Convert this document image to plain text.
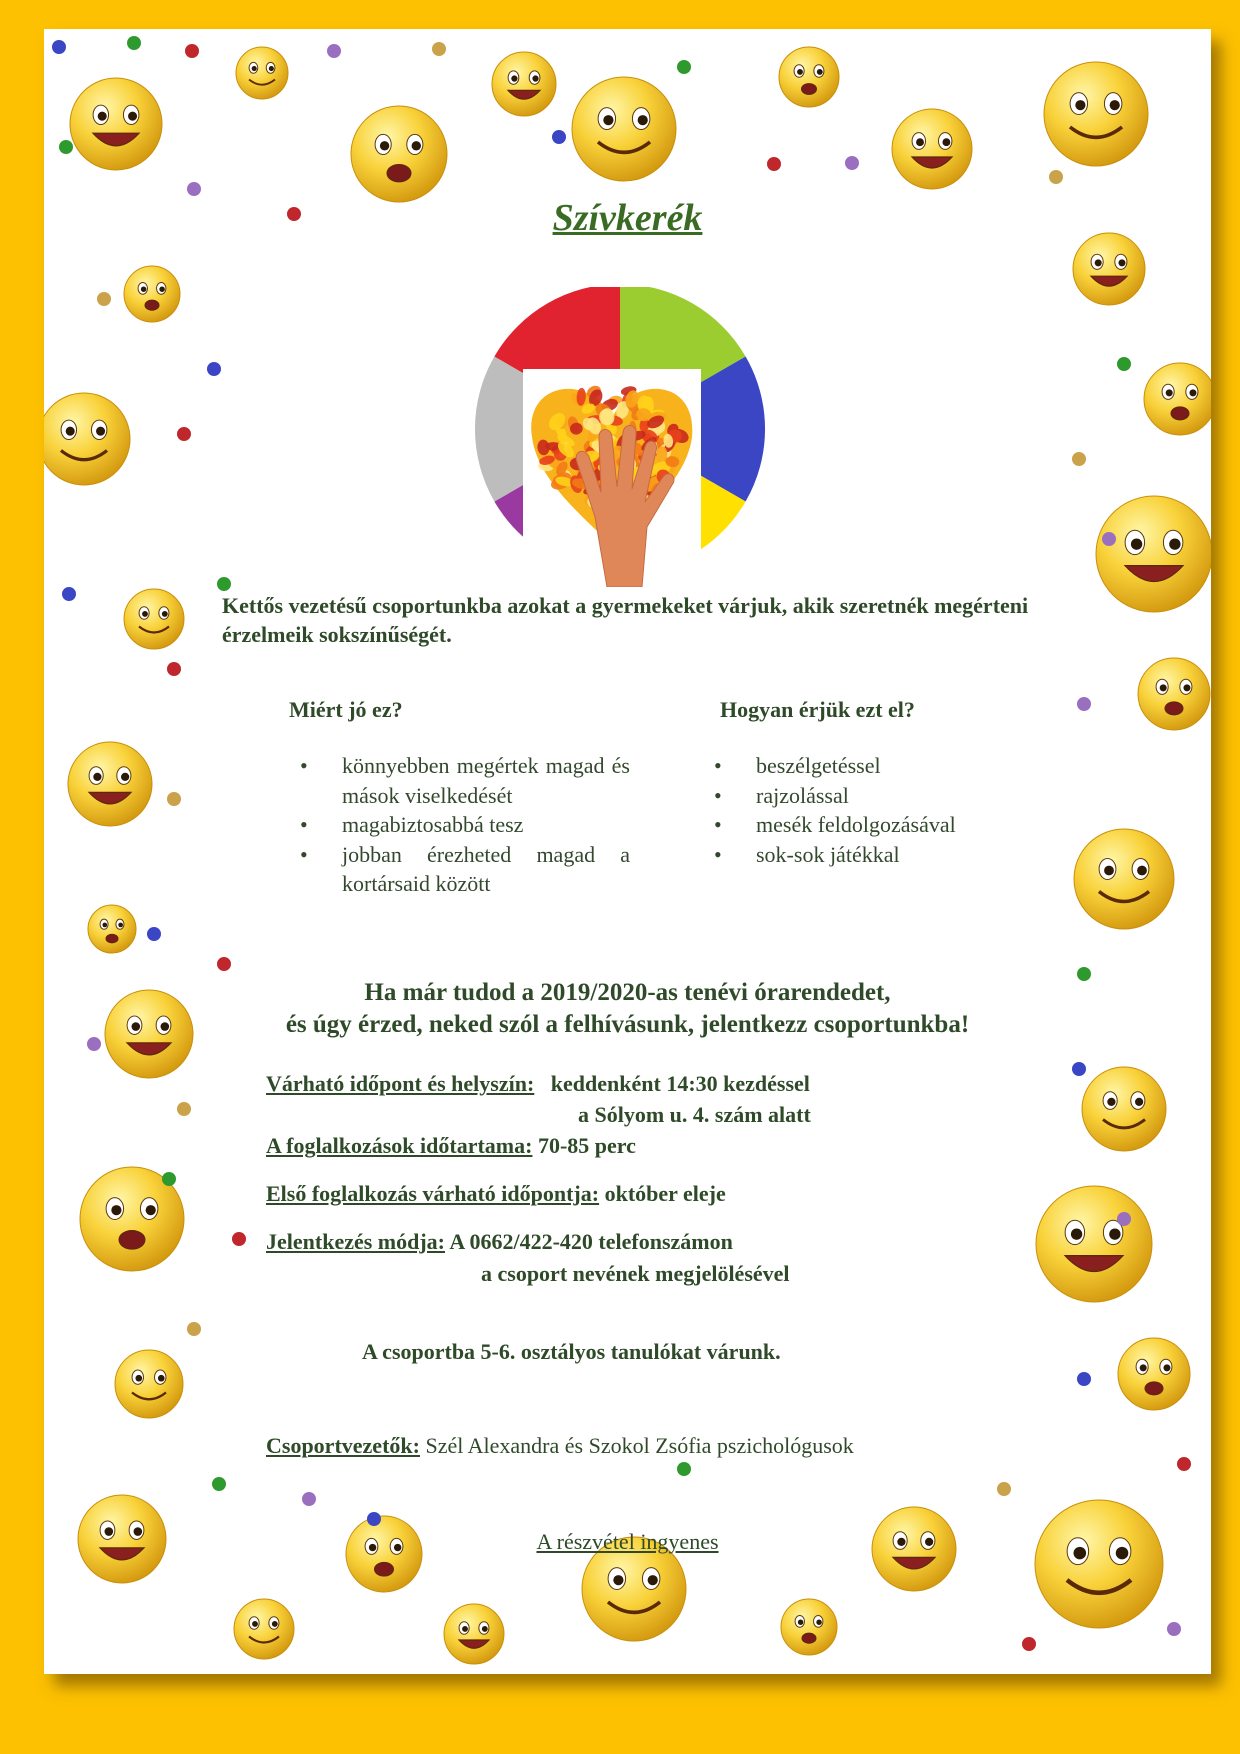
Szívkerék

Kettős vezetésű csoportunkba azokat a gyermekeket várjuk, akik szeretnék megérteni érzelmeik sokszínűségét.

Miért jó ez?	Hogyan érjük ezt el?

• könnyebben megértek magad és mások viselkedését
• magabiztosabbá tesz
• jobban érezheted magad a kortársaid között
• beszélgetéssel
• rajzolással
• mesék feldolgozásával
• sok-sok játékkal
Ha már tudod a 2019/2020-as tenévi órarendedet,
és úgy érzed, neked szól a felhívásunk, jelentkezz csoportunkba!

Várható időpont és helyszín: keddenként 14:30 kezdéssel

a Sólyom u. 4. szám alatt

A foglalkozások időtartama: 70-85 perc

Első foglalkozás várható időpontja: október eleje

Jelentkezés módja: A 0662/422-420 telefonszámon

a csoport nevének megjelölésével

A csoportba 5-6. osztályos tanulókat várunk.

Csoportvezetők: Szél Alexandra és Szokol Zsófia pszichológusok

A részvétel ingyenes
